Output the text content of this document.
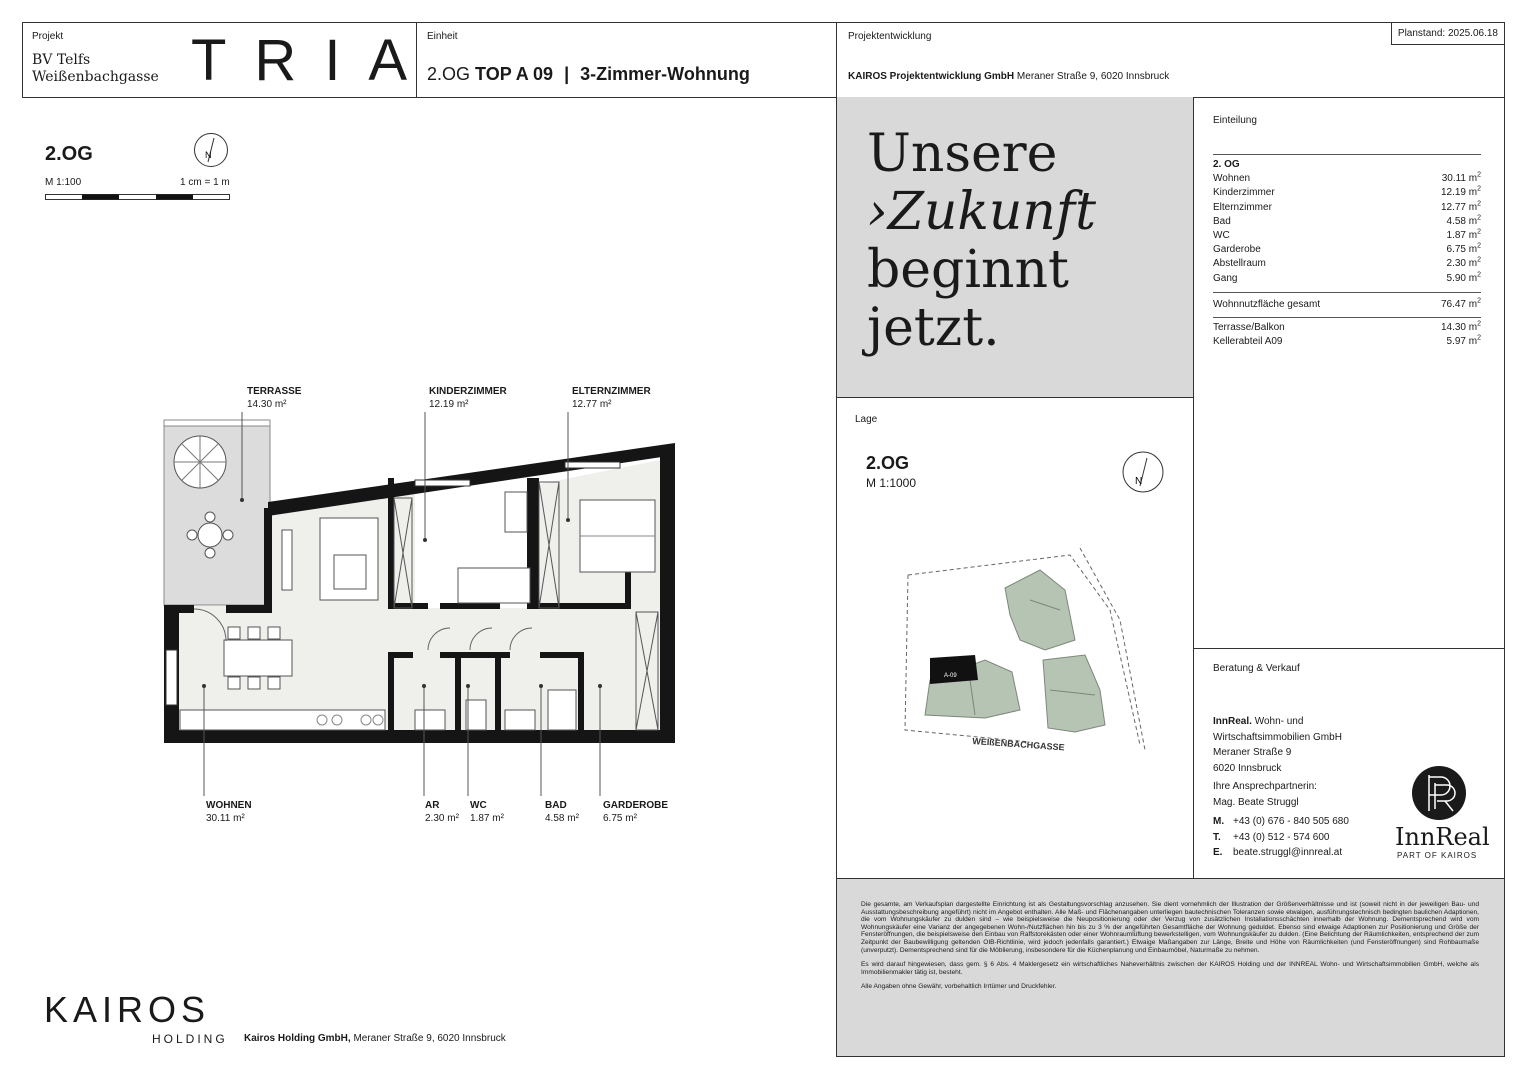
Projekt
BV Telfs
Weißenbachgasse TRIA
Einheit
2.OG TOP A 09 | 3-Zimmer-Wohnung
Projektentwicklung
KAIROS Projektentwicklung GmbH Meraner Straße 9, 6020 Innsbruck
Planstand: 2025.06.18
2.OG
M 1:100	1 cm = 1 m
N
TERRASSE
14.30 m²
KINDERZIMMER
12.19 m²
ELTERNZIMMER
12.77 m²
WOHNEN
30.11 m²
AR
2.30 m²
WC
1.87 m²
BAD
4.58 m²
GARDEROBE
6.75 m²
Unsere
›Zukunft
beginnt
jetzt.
Einteilung
2. OG
Wohnen	30.11 $m^2$
Kinderzimmer	12.19 $m^2$
Elternzimmer	12.77 $m^2$
Bad	4.58 $m^2$
WC	1.87 $m^2$
Garderobe	6.75 $m^2$
Abstellraum	2.30 $m^2$
Gang	5.90 $m^2$
Wohnnutzfläche gesamt	76.47 $m^2$
Terrasse/Balkon	14.30 $m^2$
Kellerabteil A09	5.97 $m^2$
Lage
2.OG
M 1:1000	N
A-09
WEIßENBACHGASSE
Beratung & Verkauf
InnReal. Wohn- und
Wirtschaftsimmobilien GmbH
Meraner Straße 9
6020 Innsbruck
Ihre Ansprechpartnerin:
Mag. Beate Struggl
M. +43 (0) 676 - 840 505 680
T. +43 (0) 512 - 574 600
E. beate.struggl@innreal.at
InnReal
PART OF KAIROS

Die gesamte, am Verkaufsplan dargestellte Einrichtung ist als Gestaltungsvorschlag anzusehen. Sie dient vornehmlich der Illustration der Größenverhältnisse und ist (soweit nicht in der jeweiligen Bau- und Ausstattungsbeschreibung angeführt) nicht im Angebot enthalten. Alle Maß- und Flächenangaben unterliegen bautechnischen Toleranzen sowie etwaigen, ausführungstechnisch bedingten baulichen Adaptionen, die vom Wohnungskäufer zu dulden sind – wie beispielsweise die Neupositionierung oder der Verzug von zusätzlichen Installationsschächten innerhalb der Wohnung. Dementsprechend wird vom Wohnungskäufer eine Varianz der angegebenen Wohn-/Nutzflächen hin bis zu 3 % der angeführten Gesamtfläche der Wohnung geduldet. Ebenso sind etwaige Adaptionen zur Positionierung und Größe der Fensteröffnungen, die beispielsweise den Einbau von Raffstorekästen oder einer Wohnraumlüftung bewerkstelligen, vom Wohnungskäufer zu dulden. (Eine Belichtung der Räumlichkeiten, entsprechend der zum Zeitpunkt der Baubewilligung geltenden OIB-Richtlinie, wird jedoch jedenfalls garantiert.) Etwaige Maßangaben zur Länge, Breite und Höhe von Räumlichkeiten (und Fensteröffnungen) sind Rohbaumaße (unverputzt). Dementsprechend sind für die Möblierung, insbesondere für die Küchenplanung und Einbaumöbel, Naturmaße zu nehmen.

Es wird darauf hingewiesen, dass gem. § 6 Abs. 4 Maklergesetz ein wirtschaftliches Naheverhältnis zwischen der KAIROS Holding und der INNREAL Wohn- und Wirtschaftsimmobilien GmbH, welche als Immobilienmakler tätig ist, besteht.

Alle Angaben ohne Gewähr, vorbehaltlich Irrtümer und Druckfehler.

KAIROS
HOLDING Kairos Holding GmbH, Meraner Straße 9, 6020 Innsbruck
